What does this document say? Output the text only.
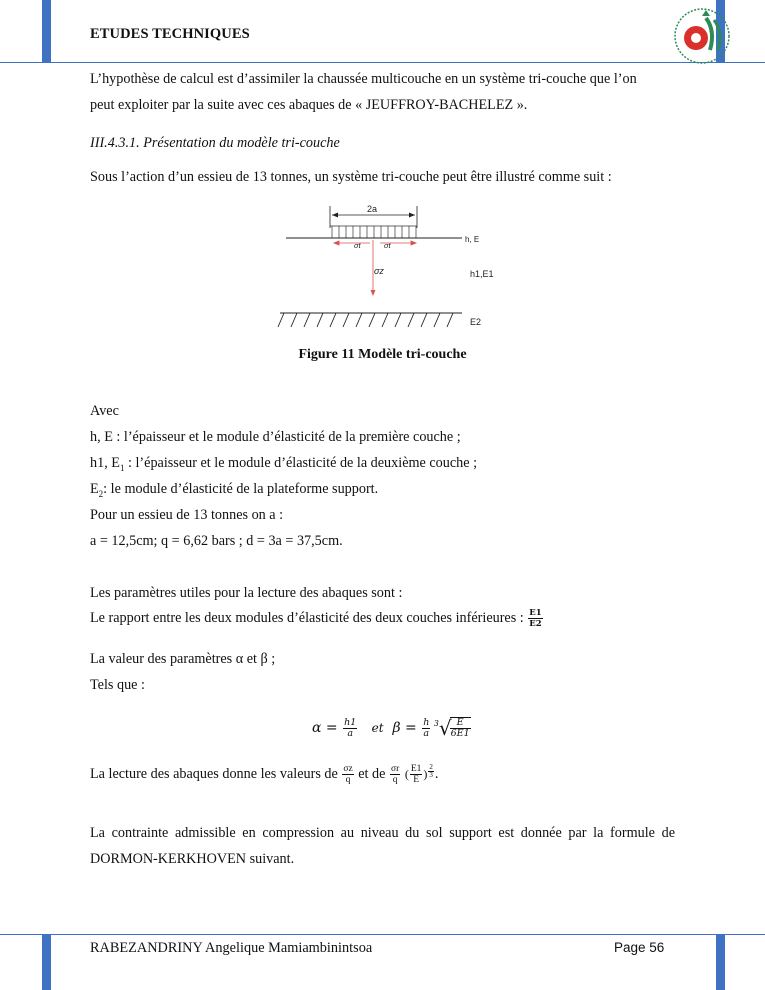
ETUDES TECHNIQUES
L’hypothèse de calcul est d’assimiler la chaussée multicouche en un système tri-couche que l’on
peut exploiter par la suite avec ces abaques de « JEUFFROY-BACHELEZ ».
III.4.3.1. Présentation du modèle tri-couche
Sous l’action d’un essieu de 13 tonnes, un système tri-couche peut être illustré comme suit :
2a
h, E
σt	σt
σz	h1,E1
E2
Figure 11 Modèle tri-couche
Avec
h, E : l’épaisseur et le module d’élasticité de la première couche ;
h1, $E_1$ : l’épaisseur et le module d’élasticité de la deuxième couche ;
$E_2$: le module d’élasticité de la plateforme support.
Pour un essieu de 13 tonnes on a :
a = 12,5cm; q = 6,62 bars ; d = 3a = 37,5cm.
Les paramètres utiles pour la lecture des abaques sont :
Le rapport entre les deux modules d’élasticité des deux couches inférieures : $\frac{E1}{E2}$
La valeur des paramètres α et β ;
Tels que :
$\alpha = \frac{h1}{a}$ et $\beta = \frac{h}{a} ^3√$
$\frac{E}{6E1}$
La lecture des abaques donne les valeurs de $\frac{\sigma z}{q}$ et de $\frac{\sigma r}{q}$ ( $\frac{E1}{E}$ ) $^{\frac{2}{3}}$ .
La contrainte admissible en compression au niveau du sol support est donnée par la formule de DORMON-KERKHOVEN suivant.
RABEZANDRINY Angelique Mamiambinintsoa	Page 56
